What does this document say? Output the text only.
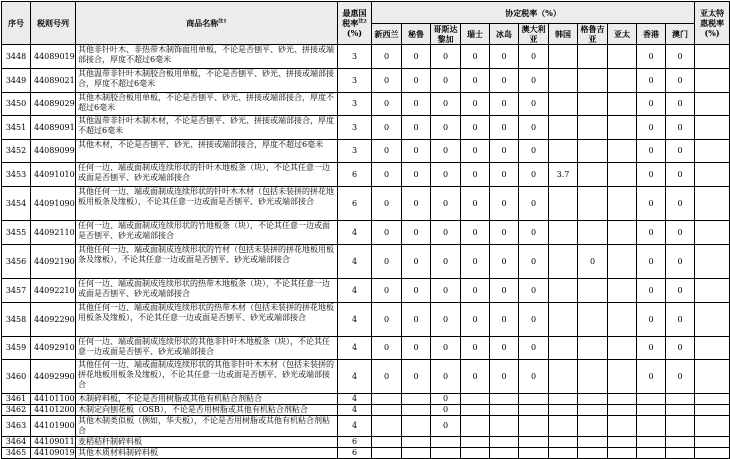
序号	税则号列	商品名称$^{注1}$	最惠国
税率$^{注2}$
(%)	协定税率（%）											亚太特
惠税率
(%)
				新西兰	秘鲁	哥斯达黎加	瑞士	冰岛	澳大利亚	韩国	格鲁吉亚	亚太	香港	澳门	
3448	44089019	其他非针叶木、非热带木制饰面用单板，不论是否刨平、砂光、拼接或端部接合，厚度不超过6毫米	3	0	0	0	0	0	0				0	0	
3449	44089021	其他温带非针叶木制胶合板用单板，不论是否刨平、砂光、拼接或端部接合，厚度不超过6毫米	3	0	0	0	0	0	0				0	0	
3450	44089029	其他木制胶合板用单板，不论是否刨平、砂光、拼接或端部接合，厚度不超过6毫米	3	0	0	0	0	0	0				0	0	
3451	44089091	其他温带非针叶木制木材，不论是否刨平、砂光、拼接或端部接合，厚度不超过6毫米	3	0	0	0	0	0	0				0	0	
3452	44089099	其他木材，不论是否刨平、砂光、拼接或端部接合，厚度不超过6毫米	3	0	0	0	0	0	0				0	0	
3453	44091010	任何一边、端或面制成连续形状的针叶木地板条（块），不论其任意一边或面是否刨平、砂光或端部接合	6	0	0	0	0	0	0	3.7			0	0	
3454	44091090	其他任何一边、端或面制成连续形状的针叶木木材（包括未装拼的拼花地板用板条及缘板），不论其任意一边或面是否刨平、砂光或端部接合	6	0	0	0	0	0	0				0	0	
3455	44092110	任何一边、端或面制成连续形状的竹地板条（块），不论其任意一边或面是否刨平、砂光或端部接合	4	0	0	0	0	0	0				0	0	
3456	44092190	其他任何一边、端或面制成连续形状的竹材（包括未装拼的拼花地板用板条及缘板），不论其任意一边或面是否刨平、砂光或端部接合	4	0	0	0	0	0	0		0		0	0	
3457	44092210	任何一边、端或面制成连续形状的热带木地板条（块），不论其任意一边或面是否刨平、砂光或端部接合	4	0	0	0	0	0	0				0	0	
3458	44092290	其他任何一边、端或面制成连续形状的热带木材（包括未装拼的拼花地板用板条及缘板），不论其任意一边或面是否刨平、砂光或端部接合	4	0	0	0	0	0	0				0	0	
3459	44092910	任何一边、端或面制成连续形状的其他非针叶木地板条（块），不论其任意一边或面是否刨平、砂光或端部接合	4	0	0	0	0	0	0				0	0	
3460	44092990	其他任何一边、端或面制成连续形状的其他非针叶木木材（包括未装拼的拼花地板用板条及缘板），不论其任意一边或面是否刨平、砂光或端部接合	4	0	0	0	0	0	0				0	0	
3461	44101100	木制碎料板，不论是否用树脂或其他有机粘合剂粘合	4			0									
3462	44101200	木制定向刨花板（OSB），不论是否用树脂或其他有机粘合剂粘合	4			0									
3463	44101900	其他木制类似板（例如，华夫板），不论是否用树脂或其他有机粘合剂粘合	4			0									
3464	44109011	麦稻秸秆制碎料板	6												
3465	44109019	其他木质材料制碎料板	6												
